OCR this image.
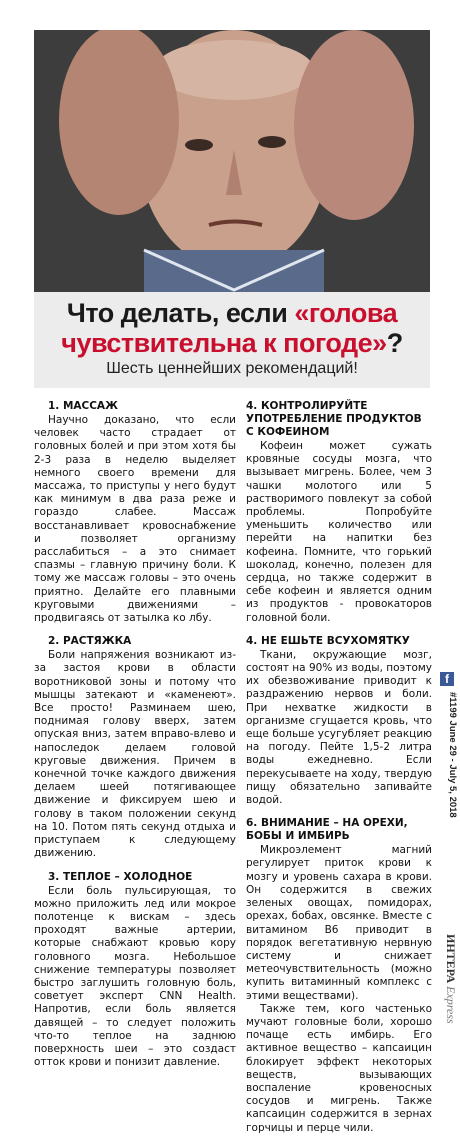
Что делать, если «голова
чувствительна к погоде»?
Шесть ценнейших рекомендаций!
1. МАССАЖ

Научно доказано, что если человек часто страдает от головных болей и при этом хотя бы 2-3 раза в неделю выделяет немного своего времени для массажа, то приступы у него будут как минимум в два раза реже и гораздо слабее. Массаж восстанавливает кровоснабжение и позволяет организму расслабиться – а это снимает спазмы – главную причину боли. К тому же массаж головы – это очень приятно. Делайте его плавными круговыми движениями – продвигаясь от затылка ко лбу.

2. РАСТЯЖКА

Боли напряжения возникают из-за застоя крови в области воротниковой зоны и потому что мышцы затекают и «каменеют». Все просто! Разминаем шею, поднимая голову вверх, затем опуская вниз, затем вправо-влево и напоследок делаем головой круговые движения. Причем в конечной точке каждого движения делаем шеей потягивающее движение и фиксируем шею и голову в таком положении секунд на 10. Потом пять секунд отдыха и приступаем к следующему движению.

3. ТЕПЛОЕ – ХОЛОДНОЕ

Если боль пульсирующая, то можно приложить лед или мокрое полотенце к вискам – здесь проходят важные артерии, которые снабжают кровью кору головного мозга. Небольшое снижение температуры позволяет быстро заглушить головную боль, советует эксперт CNN Health. Напротив, если боль является давящей – то следует положить что-то теплое на заднюю поверхность шеи – это создаст отток крови и понизит давление.

4. КОНТРОЛИРУЙТЕ УПОТРЕБЛЕНИЕ ПРОДУКТОВ С КОФЕИНОМ

Кофеин может сужать кровяные сосуды мозга, что вызывает мигрень. Более, чем 3 чашки молотого или 5 растворимого повлекут за собой проблемы. Попробуйте уменьшить количество или перейти на напитки без кофеина. Помните, что горький шоколад, конечно, полезен для сердца, но также содержит в себе кофеин и является одним из продуктов - провокаторов головной боли.

4. НЕ ЕШЬТЕ ВСУХОМЯТКУ

Ткани, окружающие мозг, состоят на 90% из воды, поэтому их обезвоживание приводит к раздражению нервов и боли. При нехватке жидкости в организме сгущается кровь, что еще больше усугубляет реакцию на погоду. Пейте 1,5-2 литра воды ежедневно. Если перекусываете на ходу, твердую пищу обязательно запивайте водой.

6. ВНИМАНИЕ – НА ОРЕХИ, БОБЫ И ИМБИРЬ

Микроэлемент магний регулирует приток крови к мозгу и уровень сахара в крови. Он содержится в свежих зеленых овощах, помидорах, орехах, бобах, овсянке. Вместе с витамином В6 приводит в порядок вегетативную нервную систему и снижает метеочувствительность (можно купить витаминный комплекс с этими веществами).

Также тем, кого частенько мучают головные боли, хорошо почаще есть имбирь. Его активное вещество – капсаицин блокирует эффект некоторых веществ, вызывающих воспаление кровеносных сосудов и мигрень. Также капсаицин содержится в зернах горчицы и перце чили.

f
#1199 June 29 - July 5, 2018
ИНТЕРА Express
